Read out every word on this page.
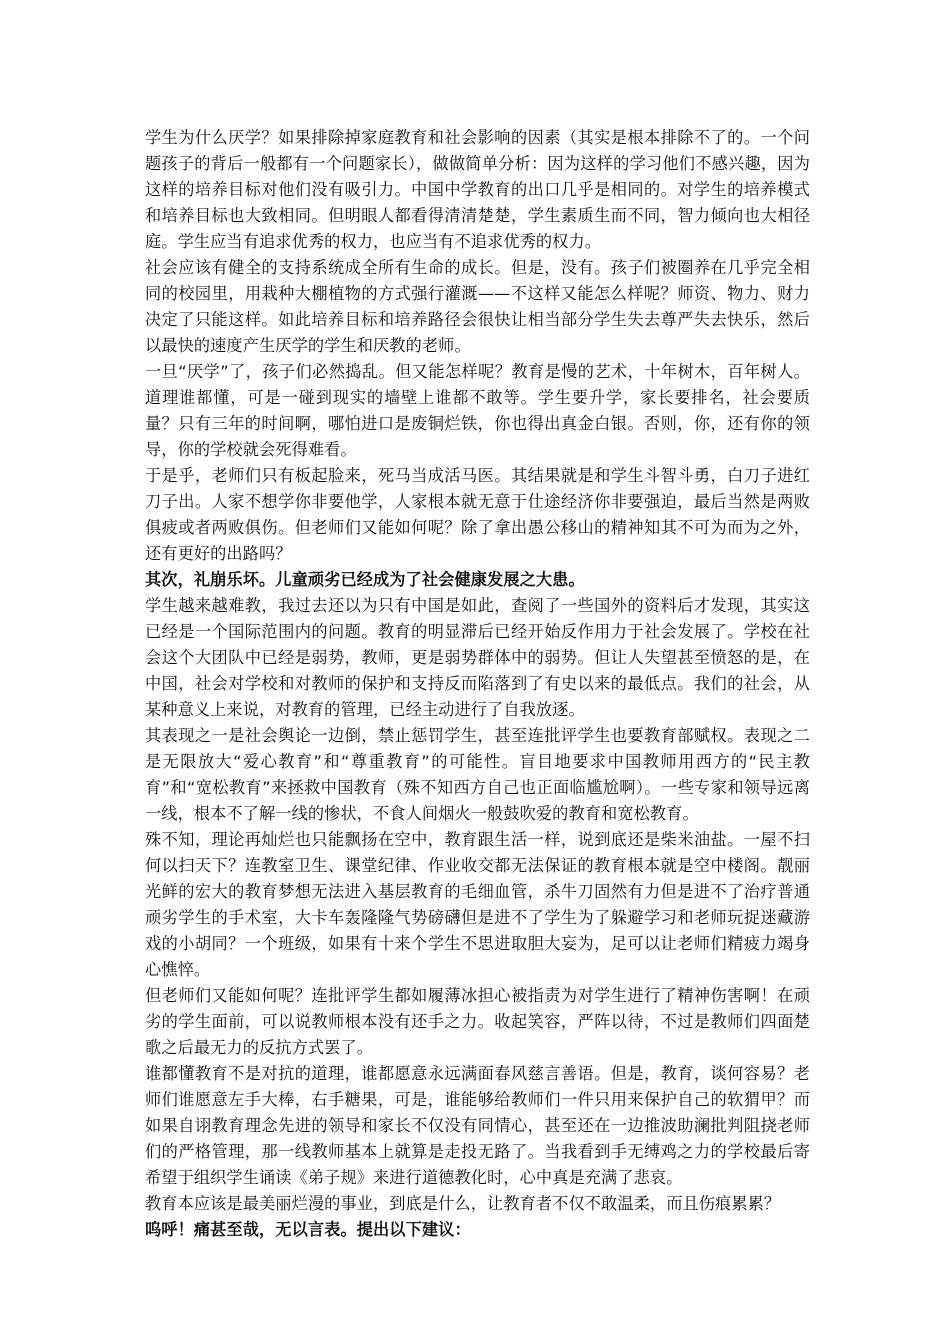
学生为什么厌学？如果排除掉家庭教育和社会影响的因素（其实是根本排除不了的。一个问题孩子的背后一般都有一个问题家长），做做简单分析：因为这样的学习他们不感兴趣，因为这样的培养目标对他们没有吸引力。中国中学教育的出口几乎是相同的。对学生的培养模式和培养目标也大致相同。但明眼人都看得清清楚楚，学生素质生而不同，智力倾向也大相径庭。学生应当有追求优秀的权力，也应当有不追求优秀的权力。

社会应该有健全的支持系统成全所有生命的成长。但是，没有。孩子们被圈养在几乎完全相同的校园里，用栽种大棚植物的方式强行灌溉——不这样又能怎么样呢？师资、物力、财力决定了只能这样。如此培养目标和培养路径会很快让相当部分学生失去尊严失去快乐，然后以最快的速度产生厌学的学生和厌教的老师。

一旦“厌学”了，孩子们必然捣乱。但又能怎样呢？教育是慢的艺术，十年树木，百年树人。道理谁都懂，可是一碰到现实的墙壁上谁都不敢等。学生要升学，家长要排名，社会要质量？只有三年的时间啊，哪怕进口是废铜烂铁，你也得出真金白银。否则，你，还有你的领导，你的学校就会死得难看。

于是乎，老师们只有板起脸来，死马当成活马医。其结果就是和学生斗智斗勇，白刀子进红刀子出。人家不想学你非要他学，人家根本就无意于仕途经济你非要强迫，最后当然是两败俱疲或者两败俱伤。但老师们又能如何呢？除了拿出愚公移山的精神知其不可为而为之外，还有更好的出路吗？

其次，礼崩乐坏。儿童顽劣已经成为了社会健康发展之大患。

学生越来越难教，我过去还以为只有中国是如此，查阅了一些国外的资料后才发现，其实这已经是一个国际范围内的问题。教育的明显滞后已经开始反作用力于社会发展了。学校在社会这个大团队中已经是弱势，教师，更是弱势群体中的弱势。但让人失望甚至愤怒的是，在中国，社会对学校和对教师的保护和支持反而陷落到了有史以来的最低点。我们的社会，从某种意义上来说，对教育的管理，已经主动进行了自我放逐。

其表现之一是社会舆论一边倒，禁止惩罚学生，甚至连批评学生也要教育部赋权。表现之二是无限放大“爱心教育”和“尊重教育”的可能性。盲目地要求中国教师用西方的“民主教育”和“宽松教育”来拯救中国教育（殊不知西方自己也正面临尴尬啊）。一些专家和领导远离一线，根本不了解一线的惨状，不食人间烟火一般鼓吹爱的教育和宽松教育。

殊不知，理论再灿烂也只能飘扬在空中，教育跟生活一样，说到底还是柴米油盐。一屋不扫何以扫天下？连教室卫生、课堂纪律、作业收交都无法保证的教育根本就是空中楼阁。靓丽光鲜的宏大的教育梦想无法进入基层教育的毛细血管，杀牛刀固然有力但是进不了治疗普通顽劣学生的手术室，大卡车轰隆隆气势磅礴但是进不了学生为了躲避学习和老师玩捉迷藏游戏的小胡同？一个班级，如果有十来个学生不思进取胆大妄为，足可以让老师们精疲力竭身心憔悴。

但老师们又能如何呢？连批评学生都如履薄冰担心被指责为对学生进行了精神伤害啊！在顽劣的学生面前，可以说教师根本没有还手之力。收起笑容，严阵以待，不过是教师们四面楚歌之后最无力的反抗方式罢了。

谁都懂教育不是对抗的道理，谁都愿意永远满面春风慈言善语。但是，教育，谈何容易？老师们谁愿意左手大棒，右手糖果，可是，谁能够给教师们一件只用来保护自己的软猬甲？而如果自诩教育理念先进的领导和家长不仅没有同情心，甚至还在一边推波助澜批判阻挠老师们的严格管理，那一线教师基本上就算是走投无路了。当我看到手无缚鸡之力的学校最后寄希望于组织学生诵读《弟子规》来进行道德教化时，心中真是充满了悲哀。

教育本应该是最美丽烂漫的事业，到底是什么，让教育者不仅不敢温柔，而且伤痕累累？

呜呼！痛甚至哉，无以言表。提出以下建议：
